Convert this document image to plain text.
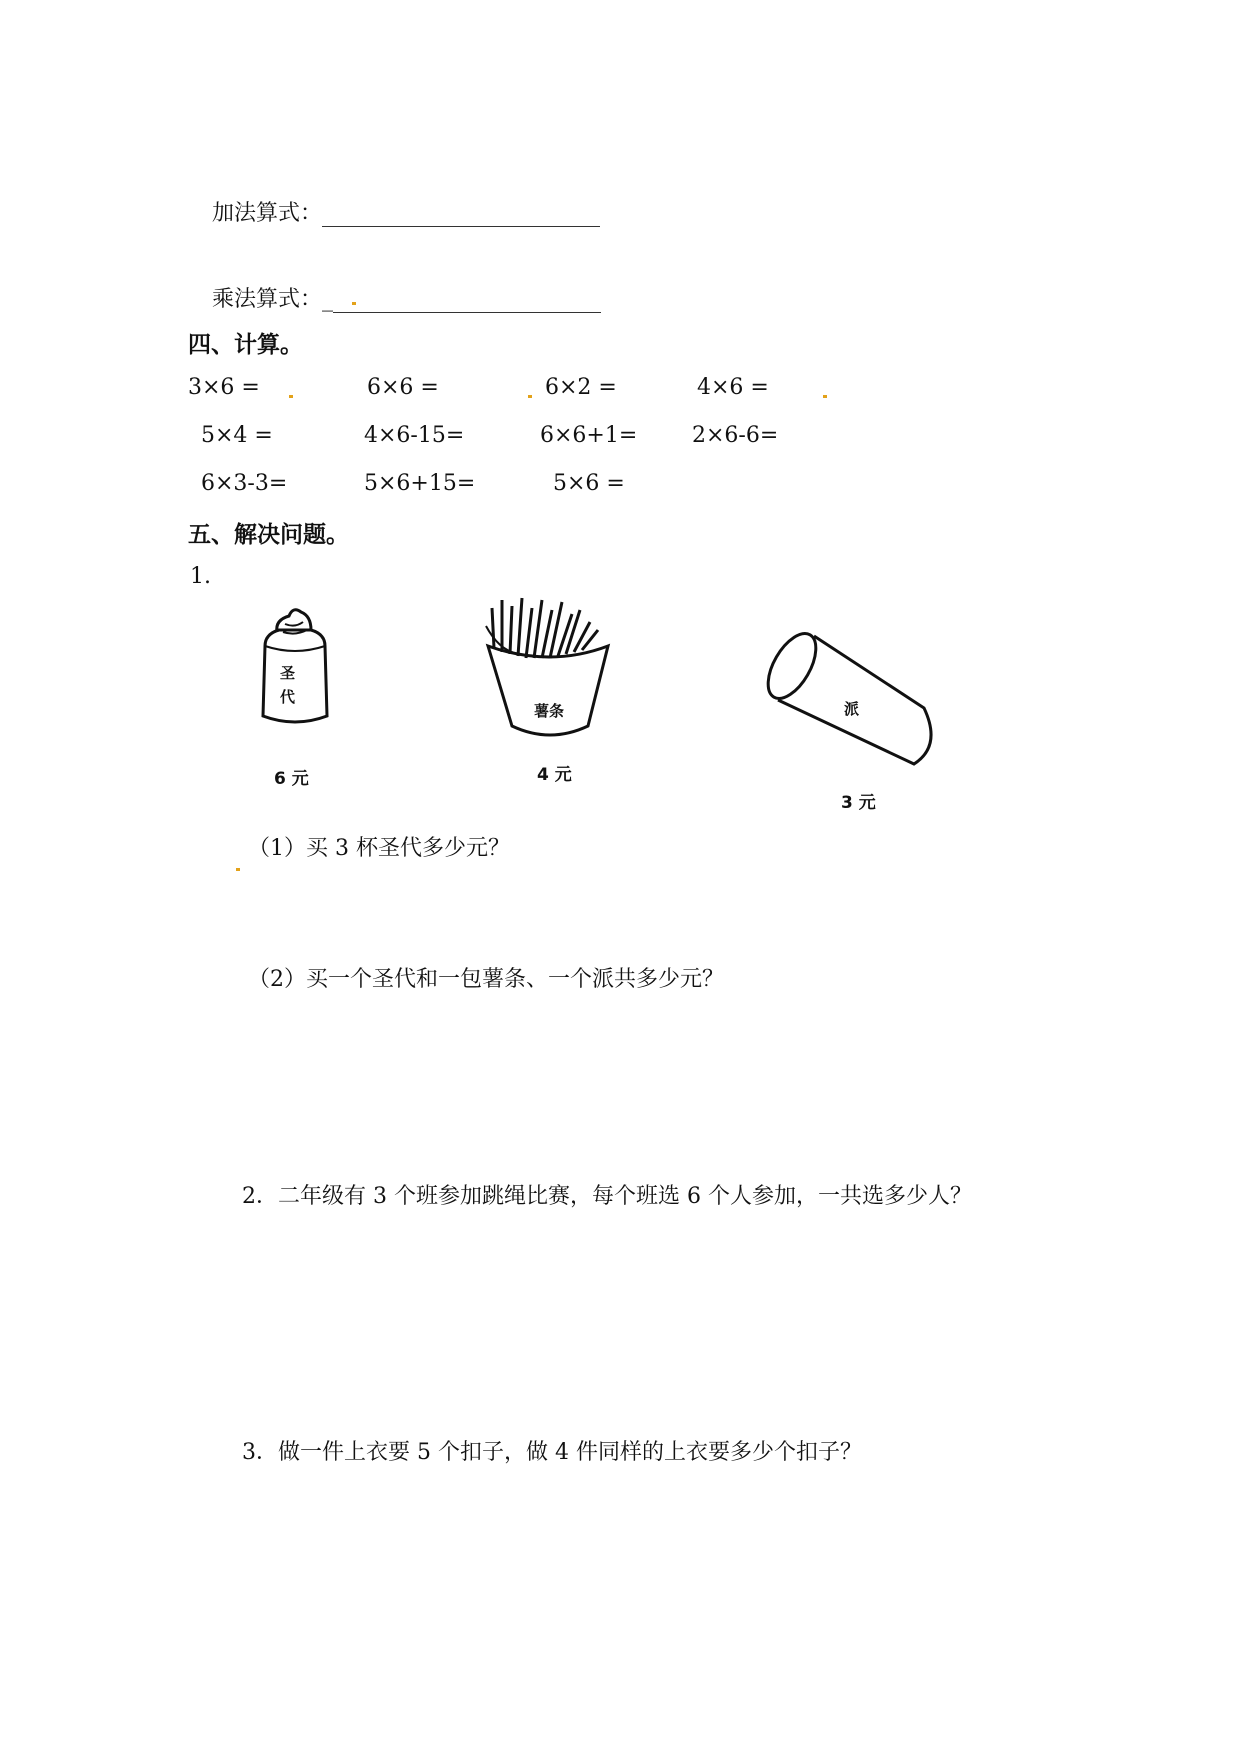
加法算式：
乘法算式：_
四、计算。
3×6 =	6×6 =	6×2 =	4×6 =
5×4 =	4×6-15=	6×6+1= 2×6-6=
6×3-3=	5×6+15=	5×6 =
五、解决问题。
1.
圣
代
6 元
薯条
4 元
派
3 元
（1）买 3 杯圣代多少元？
（2）买一个圣代和一包薯条、一个派共多少元？
2．二年级有 3 个班参加跳绳比赛，每个班选 6 个人参加，一共选多少人？
3．做一件上衣要 5 个扣子，做 4 件同样的上衣要多少个扣子？
